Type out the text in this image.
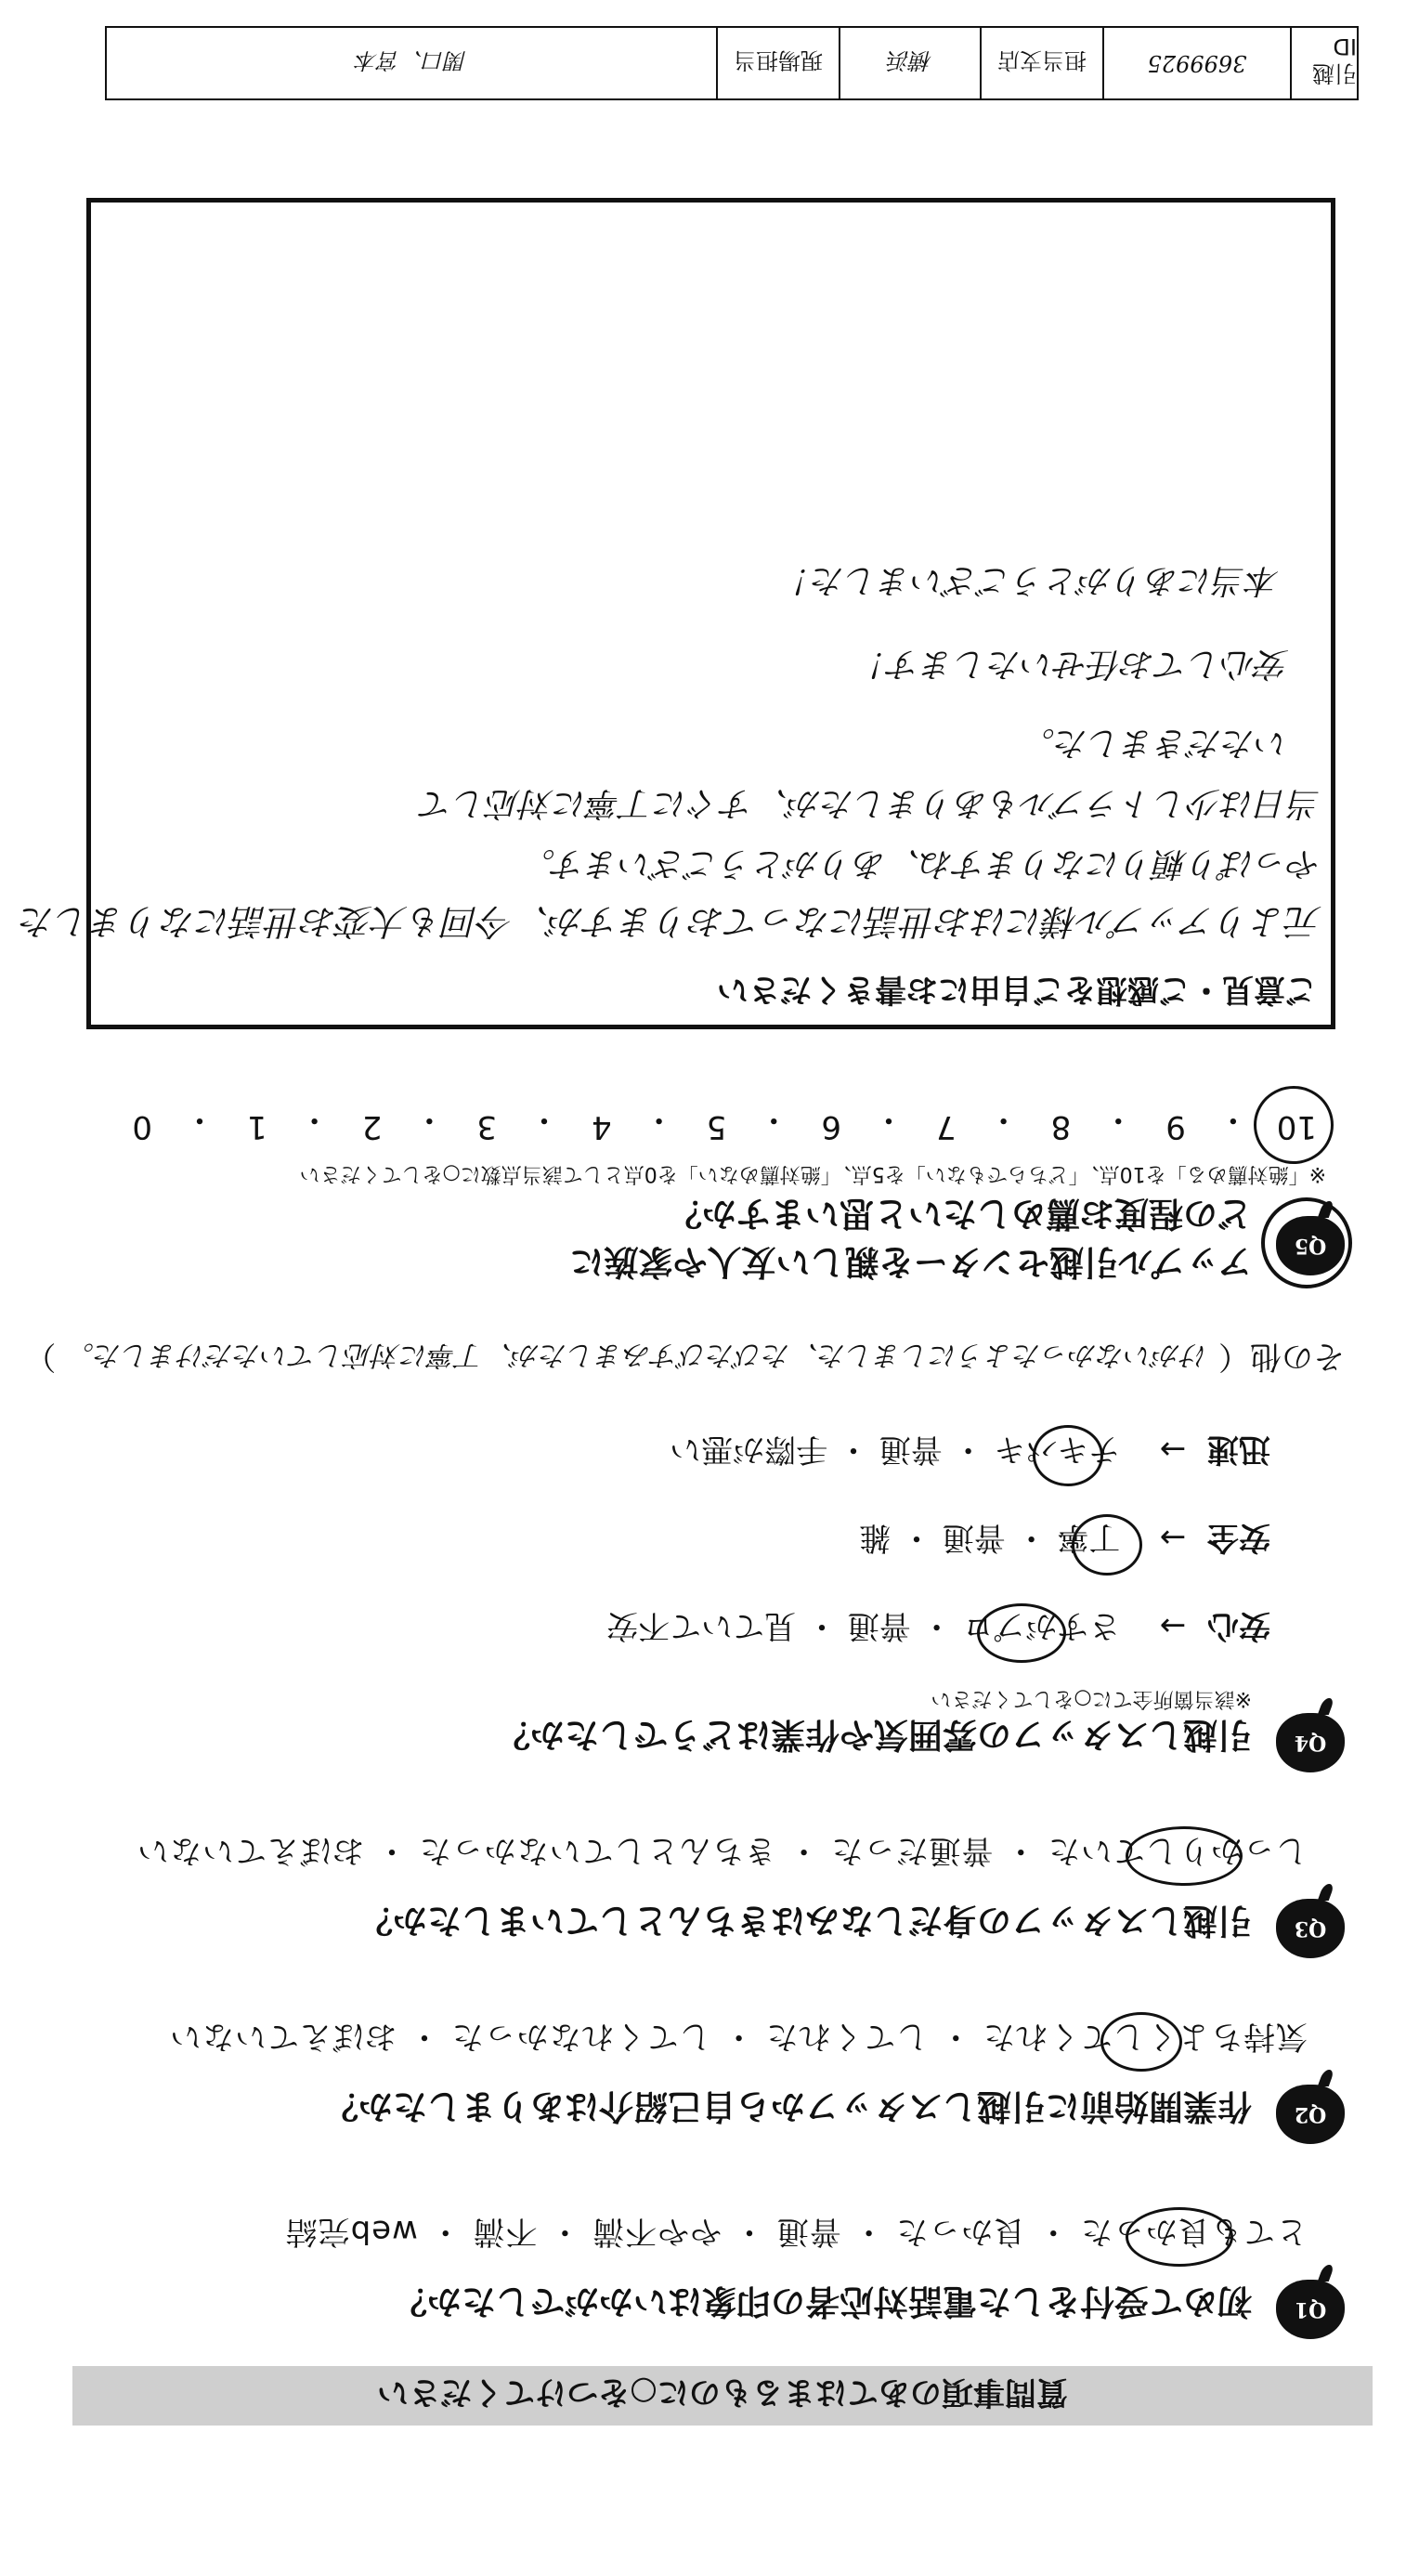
質問事項のあてはまるものに○をつけてください
Q1
初めて受付をした電話対応者の印象はいかがでしたか？
とても良かった ・ 良かった ・ 普通 ・ やや不満 ・ 不満 ・ web完結
Q2
作業開始前に引越しスタッフから自己紹介はありましたか？
気持ちよくしてくれた ・ してくれた ・ してくれなかった ・ おぼえていない
Q3
引越しスタッフの身だしなみはきちんとしていましたか？
しっかりしていた ・ 普通だった ・ きちんとしていなかった ・ おぼえていない
Q4
引越しスタッフの雰囲気や作業はどうでしたか？
※該当箇所全てに○をしてください
安心 → さすがプロ ・ 普通 ・ 見ていて不安
安全 → 丁寧 ・ 普通 ・ 雑
迅速 → テキパキ ・ 普通 ・ 手際が悪い
その他（ けがいなかったようにしました、たびたびすみましたが、丁寧に対応していただけました。 ）
Q5
アップル引越センターを親しい友人や家族に
どの程度お薦めしたいと思いますか？
※「絶対薦める」を10点、「どちらでもない」を5点、「絶対薦めない」を0点として該当点数に○をしてください
10
・
9
・
8
・
7
・
6
・
5
・
4
・
3
・
2
・
1
・
0
ご意見・ご感想をご自由にお書きください
元よりアップル様にはお世話になっておりますが、今回も大変お世話になりました
やっぱり頼りになりますね、ありがとうございます。
当日は少しトラブルもありましたが、すぐに丁寧に対応して
いただきました。
安心してお任せいたします！
本当にありがとうございました！
引越ID
3699925
担当支店
横浜
現場担当
関口、宮本
